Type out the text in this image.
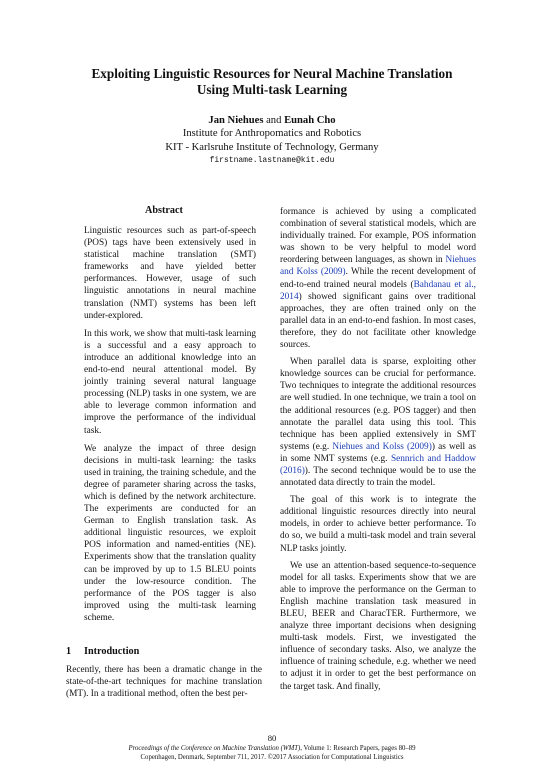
Exploiting Linguistic Resources for Neural Machine Translation
Using Multi-task Learning
Jan Niehues and Eunah Cho
Institute for Anthropomatics and Robotics
KIT - Karlsruhe Institute of Technology, Germany
firstname.lastname@kit.edu
Abstract

Linguistic resources such as part-of-speech (POS) tags have been extensively used in statistical machine translation (SMT) frameworks and have yielded better performances. However, usage of such linguistic annotations in neural machine translation (NMT) systems has been left under-explored.

In this work, we show that multi-task learning is a successful and a easy approach to introduce an additional knowledge into an end-to-end neural attentional model. By jointly training several natural language processing (NLP) tasks in one system, we are able to leverage common information and improve the performance of the individual task.

We analyze the impact of three design decisions in multi-task learning: the tasks used in training, the training schedule, and the degree of parameter sharing across the tasks, which is defined by the network architecture. The experiments are conducted for an German to English translation task. As additional linguistic resources, we exploit POS information and named-entities (NE). Experiments show that the translation quality can be improved by up to 1.5 BLEU points under the low-resource condition. The performance of the POS tagger is also improved using the multi-task learning scheme.

1 Introduction

Recently, there has been a dramatic change in the state-of-the-art techniques for machine translation (MT). In a traditional method, often the best per-

formance is achieved by using a complicated combination of several statistical models, which are individually trained. For example, POS information was shown to be very helpful to model word reordering between languages, as shown in Niehues and Kolss (2009). While the recent development of end-to-end trained neural models (Bahdanau et al., 2014) showed significant gains over traditional approaches, they are often trained only on the parallel data in an end-to-end fashion. In most cases, therefore, they do not facilitate other knowledge sources.

When parallel data is sparse, exploiting other knowledge sources can be crucial for performance. Two techniques to integrate the additional resources are well studied. In one technique, we train a tool on the additional resources (e.g. POS tagger) and then annotate the parallel data using this tool. This technique has been applied extensively in SMT systems (e.g. Niehues and Kolss (2009)) as well as in some NMT systems (e.g. Sennrich and Haddow (2016)). The second technique would be to use the annotated data directly to train the model.

The goal of this work is to integrate the additional linguistic resources directly into neural models, in order to achieve better performance. To do so, we build a multi-task model and train several NLP tasks jointly.

We use an attention-based sequence-to-sequence model for all tasks. Experiments show that we are able to improve the performance on the German to English machine translation task measured in BLEU, BEER and CharacTER. Furthermore, we analyze three important decisions when designing multi-task models. First, we investigated the influence of secondary tasks. Also, we analyze the influence of training schedule, e.g. whether we need to adjust it in order to get the best performance on the target task. And finally,

80
Proceedings of the Conference on Machine Translation (WMT), Volume 1: Research Papers, pages 80–89
Copenhagen, Denmark, September 711, 2017. ©2017 Association for Computational Linguistics
